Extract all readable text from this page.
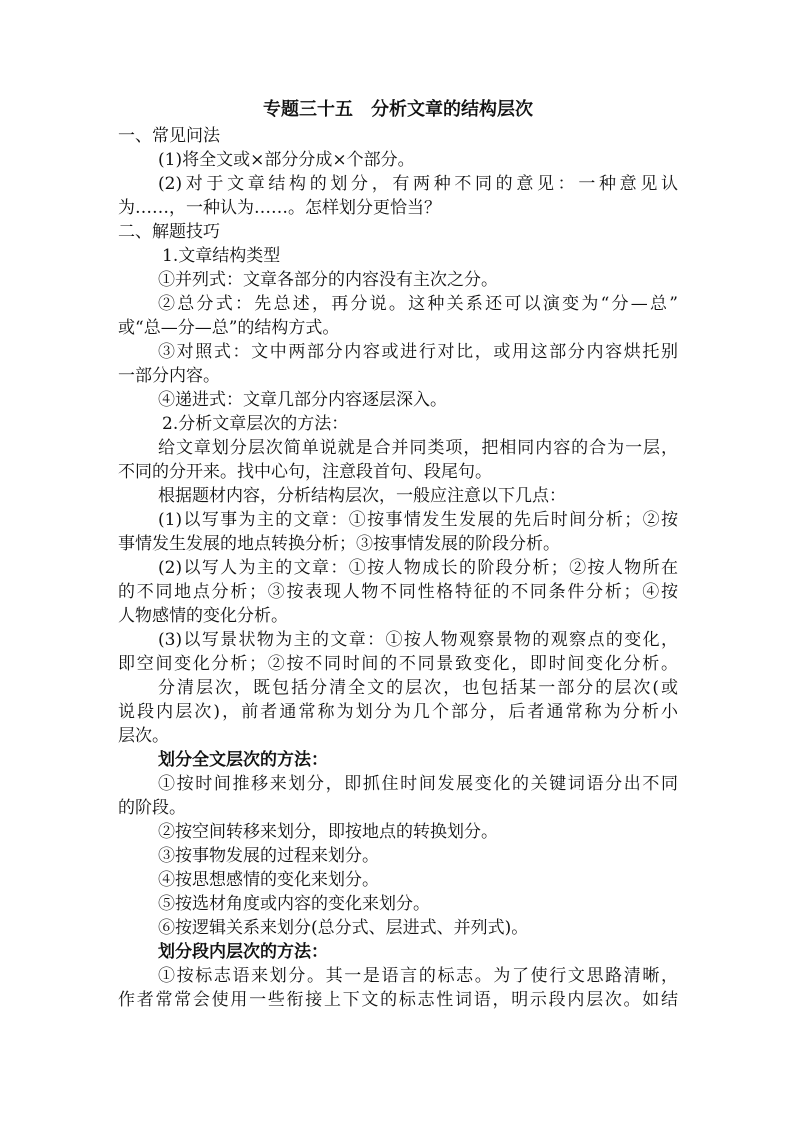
专题三十五　分析文章的结构层次
一、常见问法
(1)将全文或×部分分成×个部分。
(2)对于文章结构的划分，有两种不同的意见：一种意见认
为……，一种认为……。怎样划分更恰当？
二、解题技巧
1.文章结构类型
①并列式：文章各部分的内容没有主次之分。
②总分式：先总述，再分说。这种关系还可以演变为“分—总”
或“总—分—总”的结构方式。
③对照式：文中两部分内容或进行对比，或用这部分内容烘托别
一部分内容。
④递进式：文章几部分内容逐层深入。
2.分析文章层次的方法：
给文章划分层次简单说就是合并同类项，把相同内容的合为一层，
不同的分开来。找中心句，注意段首句、段尾句。
根据题材内容，分析结构层次，一般应注意以下几点：
(1)以写事为主的文章：①按事情发生发展的先后时间分析；②按
事情发生发展的地点转换分析；③按事情发展的阶段分析。
(2)以写人为主的文章：①按人物成长的阶段分析；②按人物所在
的不同地点分析；③按表现人物不同性格特征的不同条件分析；④按
人物感情的变化分析。
(3)以写景状物为主的文章：①按人物观察景物的观察点的变化，
即空间变化分析；②按不同时间的不同景致变化，即时间变化分析。
分清层次，既包括分清全文的层次，也包括某一部分的层次(或
说段内层次)，前者通常称为划分为几个部分，后者通常称为分析小
层次。
划分全文层次的方法：
①按时间推移来划分，即抓住时间发展变化的关键词语分出不同
的阶段。
②按空间转移来划分，即按地点的转换划分。
③按事物发展的过程来划分。
④按思想感情的变化来划分。
⑤按选材角度或内容的变化来划分。
⑥按逻辑关系来划分(总分式、层进式、并列式)。
划分段内层次的方法：
①按标志语来划分。其一是语言的标志。为了使行文思路清晰，
作者常常会使用一些衔接上下文的标志性词语，明示段内层次。如结
